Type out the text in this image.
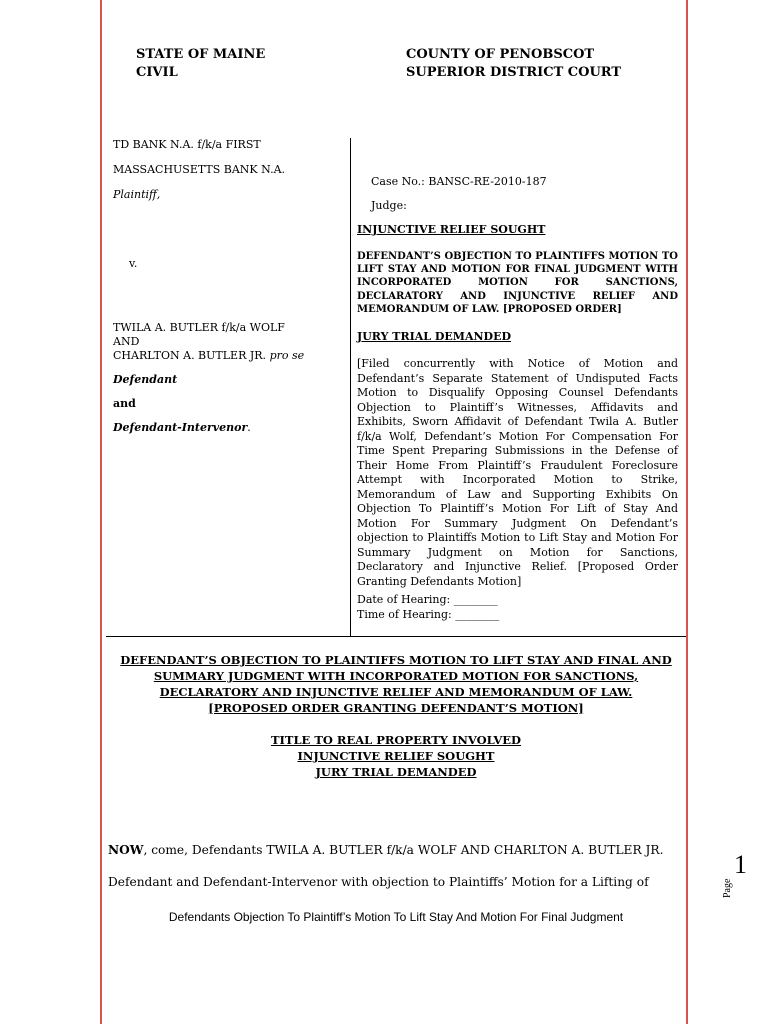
STATE OF MAINE
CIVIL
COUNTY OF PENOBSCOT
SUPERIOR DISTRICT COURT
TD BANK N.A. f/k/a FIRST
MASSACHUSETTS BANK N.A.
Plaintiff,
v.
TWILA A. BUTLER f/k/a WOLF
AND
CHARLTON A. BUTLER JR. pro se
Defendant
and
Defendant-Intervenor.
Case No.: BANSC-RE-2010-187
Judge:
INJUNCTIVE RELIEF SOUGHT
DEFENDANT’S OBJECTION TO PLAINTIFFS MOTION TO LIFT STAY AND MOTION FOR FINAL JUDGMENT WITH INCORPORATED MOTION FOR SANCTIONS, DECLARATORY AND INJUNCTIVE RELIEF AND MEMORANDUM OF LAW. [PROPOSED ORDER]
JURY TRIAL DEMANDED
[Filed concurrently with Notice of Motion and Defendant’s Separate Statement of Undisputed Facts Motion to Disqualify Opposing Counsel Defendants Objection to Plaintiff’s Witnesses, Affidavits and Exhibits, Sworn Affidavit of Defendant Twila A. Butler f/k/a Wolf, Defendant’s Motion For Compensation For Time Spent Preparing Submissions in the Defense of Their Home From Plaintiff’s Fraudulent Foreclosure Attempt with Incorporated Motion to Strike, Memorandum of Law and Supporting Exhibits On Objection To Plaintiff’s Motion For Lift of Stay And Motion For Summary Judgment On Defendant’s objection to Plaintiffs Motion to Lift Stay and Motion For Summary Judgment on Motion for Sanctions, Declaratory and Injunctive Relief. [Proposed Order Granting Defendants Motion]
Date of Hearing: ________
Time of Hearing: ________
DEFENDANT’S OBJECTION TO PLAINTIFFS MOTION TO LIFT STAY AND FINAL AND
SUMMARY JUDGMENT WITH INCORPORATED MOTION FOR SANCTIONS,
DECLARATORY AND INJUNCTIVE RELIEF AND MEMORANDUM OF LAW.
[PROPOSED ORDER GRANTING DEFENDANT’S MOTION]
TITLE TO REAL PROPERTY INVOLVED
INJUNCTIVE RELIEF SOUGHT
JURY TRIAL DEMANDED
NOW, come, Defendants TWILA A. BUTLER f/k/a WOLF AND CHARLTON A. BUTLER JR.
Defendant and Defendant-Intervenor with objection to Plaintiffs’ Motion for a Lifting of
Defendants Objection To Plaintiff’s Motion To Lift Stay And Motion For Final Judgment
Page
1
